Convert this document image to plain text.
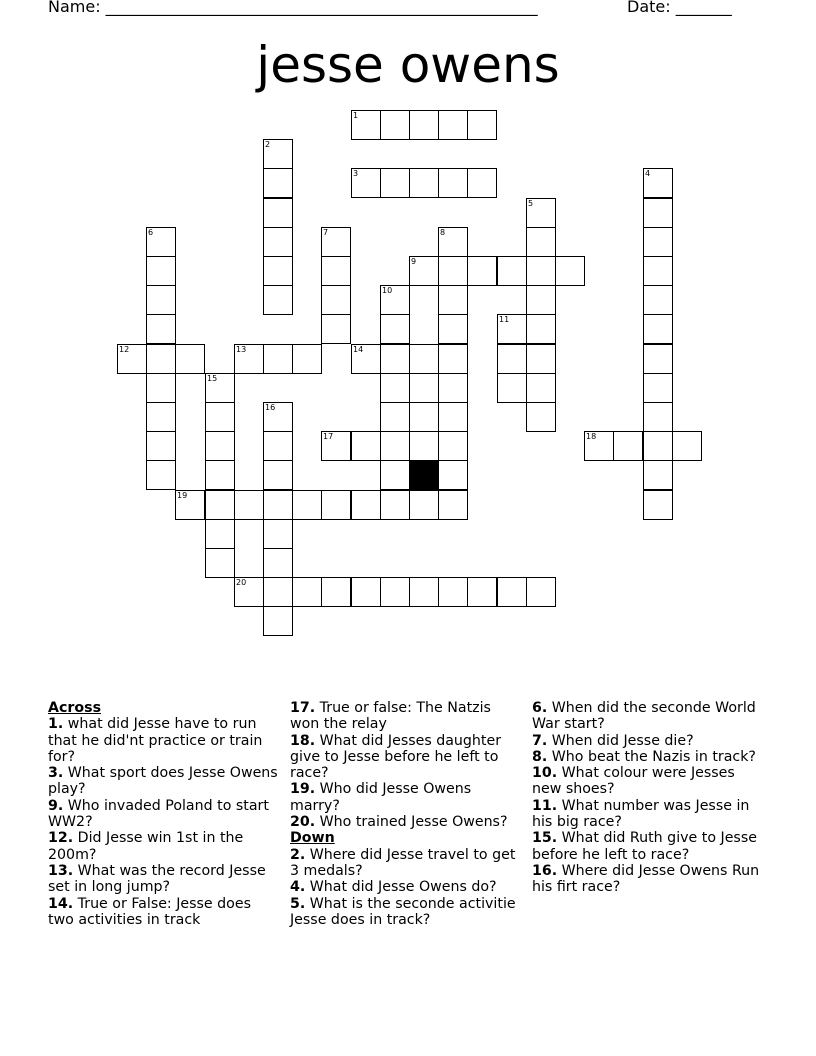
Name: ______________________________________________________	Date: _______
jesse owens
1
2
3	4
5
6	7	8
9
10
11
12	13	14
15
16
17	18
19
20
Across
1. what did Jesse have to run that he did'nt practice or train for?
3. What sport does Jesse Owens play?
9. Who invaded Poland to start WW2?
12. Did Jesse win 1st in the 200m?
13. What was the record Jesse set in long jump?
14. True or False: Jesse does two activities in track
17. True or false: The Natzis won the relay
18. What did Jesses daughter give to Jesse before he left to race?
19. Who did Jesse Owens marry?
20. Who trained Jesse Owens?
Down
2. Where did Jesse travel to get 3 medals?
4. What did Jesse Owens do?
5. What is the seconde activitie Jesse does in track?
6. When did the seconde World War start?
7. When did Jesse die?
8. Who beat the Nazis in track?
10. What colour were Jesses new shoes?
11. What number was Jesse in his big race?
15. What did Ruth give to Jesse before he left to race?
16. Where did Jesse Owens Run his firt race?
